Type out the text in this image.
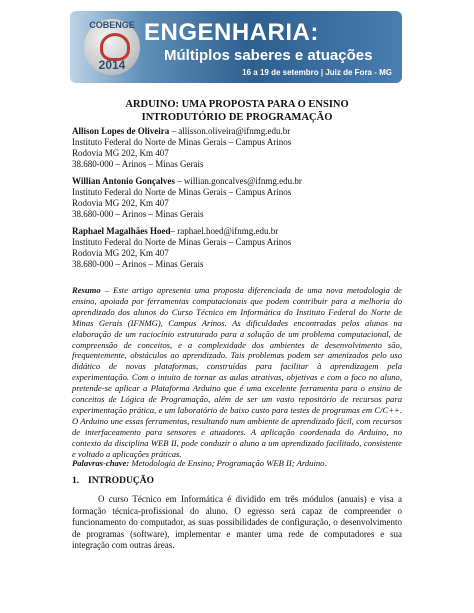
COBENGE
2014
ENGENHARIA:
Múltiplos saberes e atuações
16 a 19 de setembro | Juiz de Fora - MG
ARDUINO: UMA PROPOSTA PARA O ENSINO
INTRODUTÓRIO DE PROGRAMAÇÃO
Allison Lopes de Oliveira – allisson.oliveira@ifnmg.edu.br
Instituto Federal do Norte de Minas Gerais – Campus Arinos
Rodovia MG 202, Km 407
38.680-000 – Arinos – Minas Gerais
Willian Antonio Gonçalves – willian.goncalves@ifnmg.edu.br
Instituto Federal do Norte de Minas Gerais – Campus Arinos
Rodovia MG 202, Km 407
38.680-000 – Arinos – Minas Gerais
Raphael Magalhães Hoed– raphael.hoed@ifnmg.edu.br
Instituto Federal do Norte de Minas Gerais – Campus Arinos
Rodovia MG 202, Km 407
38.680-000 – Arinos – Minas Gerais
Resumo – Este artigo apresenta uma proposta diferenciada de uma nova metodologia de ensino, apoiada por ferramentas computacionais que podem contribuir para a melhoria do aprendizado dos alunos do Curso Técnico em Informática do Instituto Federal do Norte de Minas Gerais (IFNMG), Campus Arinos. As dificuldades encontradas pelos alunos na elaboração de um raciocínio estruturado para a solução de um problema computacional, de compreensão de conceitos, e a complexidade dos ambientes de desenvolvimento são, frequentemente, obstáculos ao aprendizado. Tais problemas podem ser amenizados pelo uso didático de novas plataformas, construídas para facilitar à aprendizagem pela experimentação. Com o intuito de tornar as aulas atrativas, objetivas e com o foco no aluno, pretende-se aplicar a Plataforma Arduino que é uma excelente ferramenta para o ensino de conceitos de Lógica de Programação, além de ser um vasto repositório de recursos para experimentação prática, e um laboratório de baixo custo para testes de programas em C/C++. O Arduino une essas ferramentas, resultando num ambiente de aprendizado fácil, com recursos de interfaceamento para sensores e atuadores. A aplicação coordenada do Arduino, no contexto da disciplina WEB II, pode conduzir o aluno a um aprendizado facilitado, consistente e voltado a aplicações práticas.
Palavras-chave: Metodologia de Ensino; Programação WEB II; Arduino.
1. INTRODUÇÃO
O curso Técnico em Informática é dividido em três módulos (anuais) e visa a formação técnica-profissional do aluno. O egresso será capaz de compreender o funcionamento do computador, as suas possibilidades de configuração, o desenvolvimento de programas (software), implementar e manter uma rede de computadores e sua integração com outras áreas.
